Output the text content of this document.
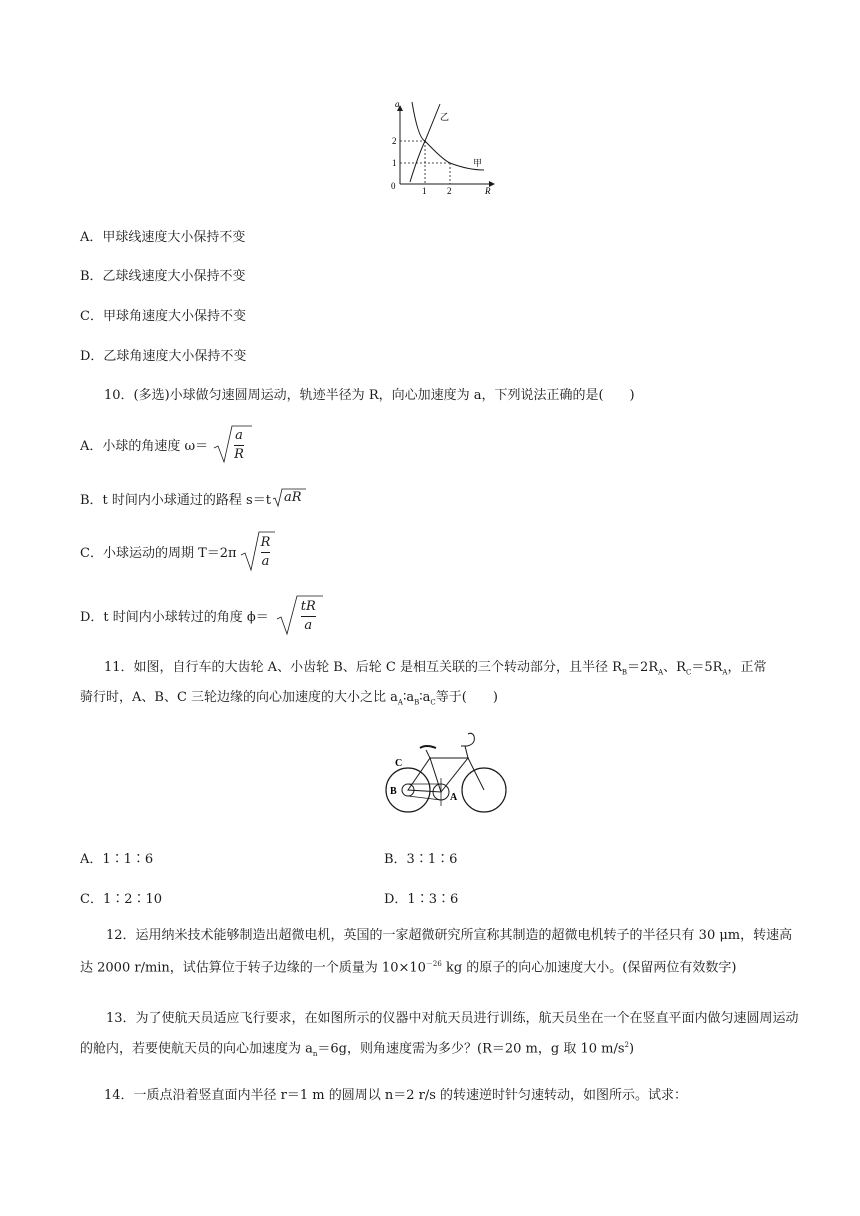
a
R
0
2
1
1 2
乙
甲
A．甲球线速度大小保持不变
B．乙球线速度大小保持不变
C．甲球角速度大小保持不变
D．乙球角速度大小保持不变
10．(多选)小球做匀速圆周运动，轨迹半径为 R，向心加速度为 a，下列说法正确的是(　　)
A．小球的角速度 $\omega= \frac{a}{R}$
B．t 时间内小球通过的路程 s＝t aR
C．小球运动的周期 $T=2\pi \frac{R}{a}$
D．t 时间内小球转过的角度 $\phi= \frac{tR}{a}$
11．如图，自行车的大齿轮 A、小齿轮 B、后轮 C 是相互关联的三个转动部分，且半径 $R_B=2R_A$、$R_C=5R_A$，正常
骑行时，A、B、C 三轮边缘的向心加速度的大小之比 $a_A∶a_B∶a_C$等于(　　)
C
B
A
A．1∶1∶6	B．3∶1∶6
C．1∶2∶10	D．1∶3∶6
12．运用纳米技术能够制造出超微电机，英国的一家超微研究所宣称其制造的超微电机转子的半径只有 30 μm，转速高达 2000 r/min，试估算位于转子边缘的一个质量为 $10\times 10^{-26}$ kg 的原子的向心加速度大小。(保留两位有效数字)
13．为了使航天员适应飞行要求，在如图所示的仪器中对航天员进行训练，航天员坐在一个在竖直平面内做匀速圆周运动的舱内，若要使航天员的向心加速度为 $a_n=6g$，则角速度需为多少？(R＝20 m，g 取 10 $m/s^2$)
14．一质点沿着竖直面内半径 r＝1 m 的圆周以 n＝2 r/s 的转速逆时针匀速转动，如图所示。试求：
